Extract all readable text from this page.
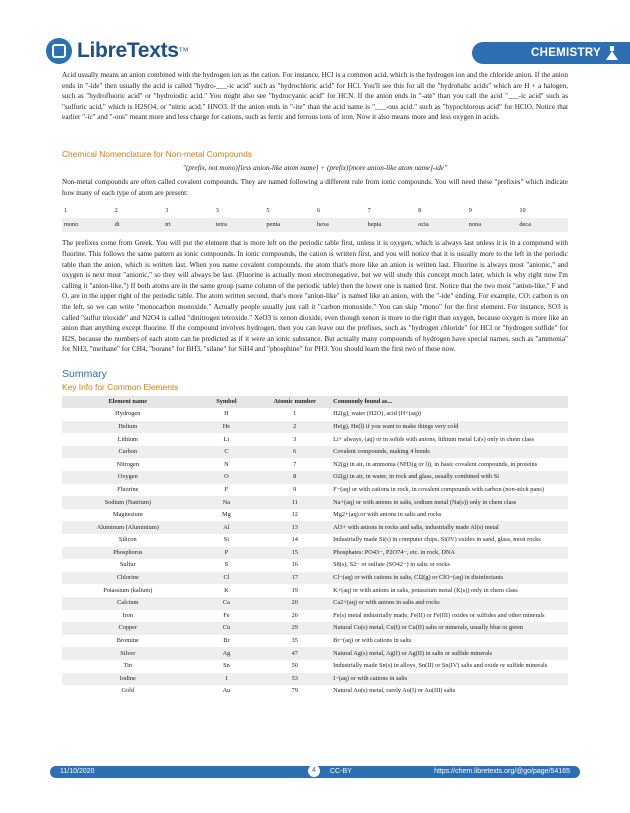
LibreTexts ™	CHEMISTRY

Acid usually means an anion combined with the hydrogen ion as the cation. For instance, HCl is a common acid, which is the hydrogen ion and the chloride anion. If the anion ends in "-ide" then usually the acid is called "hydro-___-ic acid" such as "hydrochloric acid" for HCl. You'll see this for all the "hydrohalic acids" which are H + a halogen, such as "hydrofluoric acid" or "hydroiodic acid." You might also see "hydrocyanic acid" for HCN. If the anion ends in "-ate" than you call the acid "___-ic acid" such as "sulfuric acid," which is H2SO4, or "nitric acid." HNO3. If the anion ends in "-ite" than the acid name is "___-ous acid." such as "hypochlorous acid" for HClO. Notice that earlier "-ic" and "-ous" meant more and less charge for cations, such as ferric and ferrous ions of iron. Now it also means more and less oxygen in acids.

Chemical Nomenclature for Non-metal Compounds
"(prefix, not mono)[less anion-like atom name] + (prefix)[more anion-like atom name]-ide"

Non-metal compounds are often called covalent compounds. They are named following a different rule from ionic compounds. You will need these "prefixes" which indicate how many of each type of atom are present:

1	2	3	3	5	6	7	8	9	10
mono	di	tri	tetra	penta	hexa	hepta	octa	nona	deca

The prefixes come from Greek. You will put the element that is more left on the periodic table first, unless it is oxygen, which is always last unless it is in a compound with fluorine. This follows the same pattern as ionic compounds. In ionic compounds, the cation is written first, and you will notice that it is usually more to the left in the periodic table than the anion, which is written last. When you name covalent compounds, the atom that's more like an anion is written last. Fluorine is always most "anionic," and oxygen is next most "anionic," so they will always be last. (Fluorine is actually most electronegative, but we will study this concept much later, which is why right now I'm calling it "anion-like.") If both atoms are in the same group (same column of the periodic table) then the lower one is named first. Notice that the two most "anion-like," F and O, are in the upper right of the periodic table. The atom written second, that's more "anion-like" is named like an anion, with the "-ide" ending. For example, CO: carbon is on the left, so we can write "monocarbon monoxide." Actually people usually just call it "carbon monoxide." You can skip "mono" for the first element. For instance, SO3 is called "sulfur trioxide" and N2O4 is called "dinitrogen tetroxide." XeO3 is xenon dioxide, even though xenon is more to the right than oxygen, because oxygen is more like an anion than anything except fluorine. If the compound involves hydrogen, then you can leave out the prefixes, such as "hydrogen chloride" for HCl or "hydrogen sulfide" for H2S, because the numbers of each atom can be predicted as if it were an ionic substance. But actually many compounds of hydrogen have special names, such as "ammonia" for NH3, "methane" for CH4, "borane" for BH3, "silane" for SiH4 and "phosphine" for PH3. You should learn the first two of these now.

Summary
Key Info for Common Elements
Element name	Symbol	Atomic number	Commonly found as...
Hydrogen	H	1	H2(g), water (H2O), acid (H+(aq))
Helium	He	2	He(g), He(l) if you want to make things very cold
Lithium	Li	3	Li+ always, (aq) or in solids with anions, lithium metal Li(s) only in chem class
Carbon	C	6	Covalent compounds, making 4 bonds
Nitrogen	N	7	N2(g) in air, in ammonia (NH3(g or l)), in basic covalent compounds, in proteins
Oxygen	O	8	O2(g) in air, in water, in rock and glass, usually combined with Si
Fluorine	F	9	F−(aq) or with cations in rock, in covalent compounds with carbon (non-stick pans)
Sodium (Natrium)	Na	11	Na+(aq) or with anions in salts, sodium metal (Na(s)) only in chem class
Magnesium	Mg	12	Mg2+(aq) or with anions in salts and rocks
Aluminum (Aluminium)	Al	13	Al3+ with anions in rocks and salts, industrially made Al(s) metal
Silicon	Si	14	Industrially made Si(s) in computer chips, Si(IV) oxides in sand, glass, most rocks
Phosphorus	P	15	Phosphates: PO43−, P2O74−, etc. in rock, DNA
Sulfur	S	16	S8(s), S2− or sulfate (SO42−) in salts or rocks
Chlorine	Cl	17	Cl−(aq) or with cations in salts, Cl2(g) or ClO−(aq) in disinfectants
Potassium (kalium)	K	19	K+(aq) or with anions in salts, potassium metal (K(s)) only in chem class
Calcium	Ca	20	Ca2+(aq) or with anions in salts and rocks
Iron	Fe	26	Fe(s) metal industrially made, Fe(II) or Fe(III) oxides or sulfides and other minerals
Copper	Cu	29	Natural Cu(s) metal, Cu(I) or Cu(II) salts or minerals, usually blue or green
Bromine	Br	35	Br−(aq) or with cations in salts
Silver	Ag	47	Natural Ag(s) metal, Ag(I) or Ag(II) in salts or sulfide minerals
Tin	Sn	50	Industrially made Sn(s) in alloys, Sn(II) or Sn(IV) salts and oxide or sulfide minerals
Iodine	I	53	I−(aq) or with cations in salts
Gold	Au	79	Natural Au(s) metal, rarely Au(I) or Au(III) salts
11/10/2020	4	CC-BY	https://chem.libretexts.org/@go/page/54165
